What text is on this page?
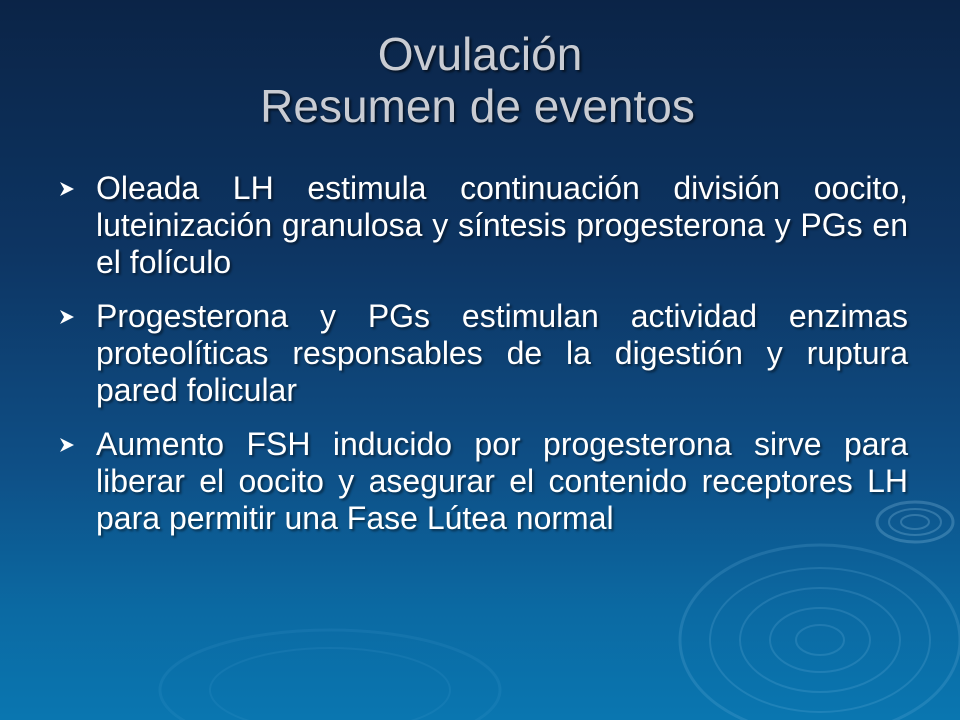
Ovulación
Resumen de eventos
Oleada LH estimula continuación división oocito, luteinización granulosa y síntesis progesterona y PGs en el folículo
Progesterona y PGs estimulan actividad enzimas proteolíticas responsables de la digestión y ruptura pared folicular
Aumento FSH inducido por progesterona sirve para liberar el oocito y asegurar el contenido receptores LH para permitir una Fase Lútea normal
